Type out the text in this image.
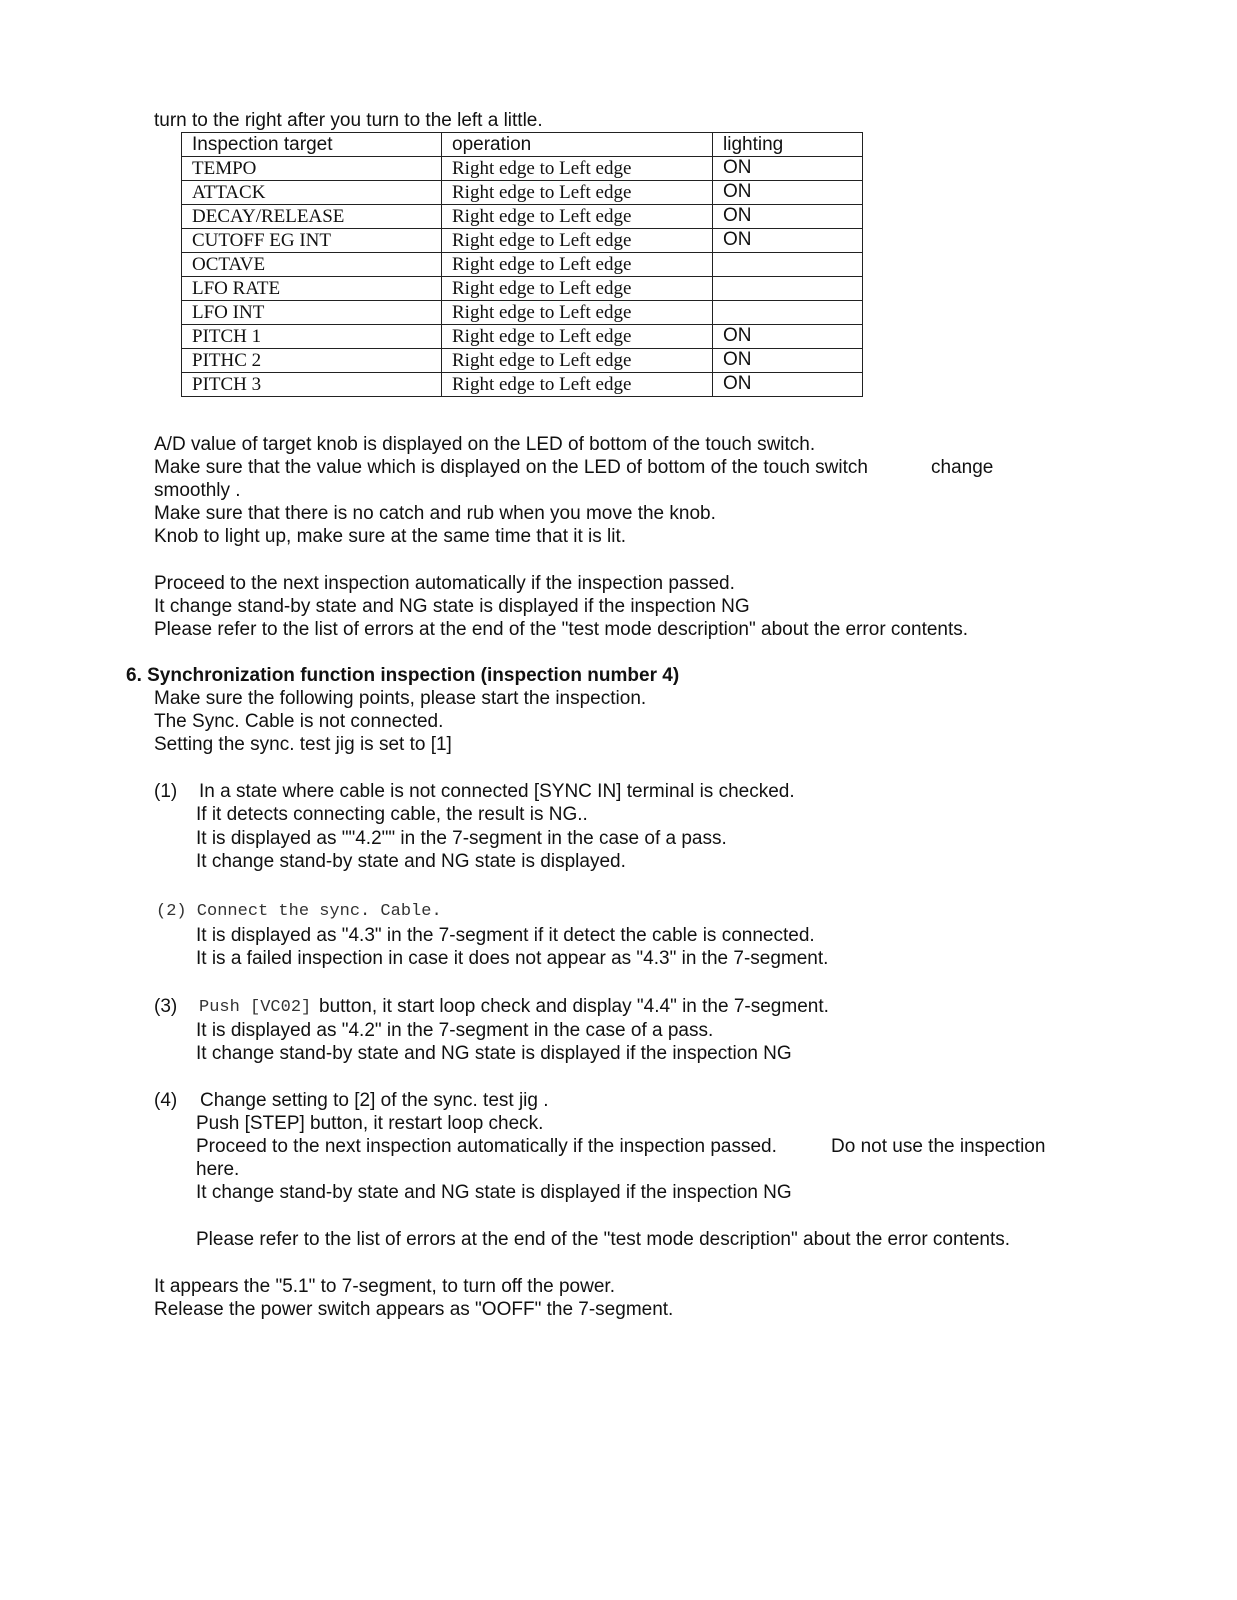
turn to the right after you turn to the left a little.
Inspection target	operation	lighting
TEMPO	Right edge to Left edge	ON
ATTACK	Right edge to Left edge	ON
DECAY/RELEASE	Right edge to Left edge	ON
CUTOFF EG INT	Right edge to Left edge	ON
OCTAVE	Right edge to Left edge	
LFO RATE	Right edge to Left edge	
LFO INT	Right edge to Left edge	
PITCH 1	Right edge to Left edge	ON
PITHC 2	Right edge to Left edge	ON
PITCH 3	Right edge to Left edge	ON
A/D value of target knob is displayed on the LED of bottom of the touch switch.
Make sure that the value which is displayed on the LED of bottom of the touch switch	change
smoothly .
Make sure that there is no catch and rub when you move the knob.
Knob to light up, make sure at the same time that it is lit.
Proceed to the next inspection automatically if the inspection passed.
It change stand-by state and NG state is displayed if the inspection NG
Please refer to the list of errors at the end of the "test mode description" about the error contents.
6. Synchronization function inspection (inspection number 4)
Make sure the following points, please start the inspection.
The Sync. Cable is not connected.
Setting the sync. test jig is set to [1]
(1) In a state where cable is not connected [SYNC IN] terminal is checked.
If it detects connecting cable, the result is NG..
It is displayed as ""4.2"" in the 7-segment in the case of a pass.
It change stand-by state and NG state is displayed.
(2) Connect the sync. Cable.
It is displayed as "4.3" in the 7-segment if it detect the cable is connected.
It is a failed inspection in case it does not appear as "4.3" in the 7-segment.
(3) Push [VC02] button, it start loop check and display "4.4" in the 7-segment.
It is displayed as "4.2" in the 7-segment in the case of a pass.
It change stand-by state and NG state is displayed if the inspection NG
(4) Change setting to [2] of the sync. test jig .
Push [STEP] button, it restart loop check.
Proceed to the next inspection automatically if the inspection passed.	Do not use the inspection
here.
It change stand-by state and NG state is displayed if the inspection NG
Please refer to the list of errors at the end of the "test mode description" about the error contents.
It appears the "5.1" to 7-segment, to turn off the power.
Release the power switch appears as "OOFF" the 7-segment.
